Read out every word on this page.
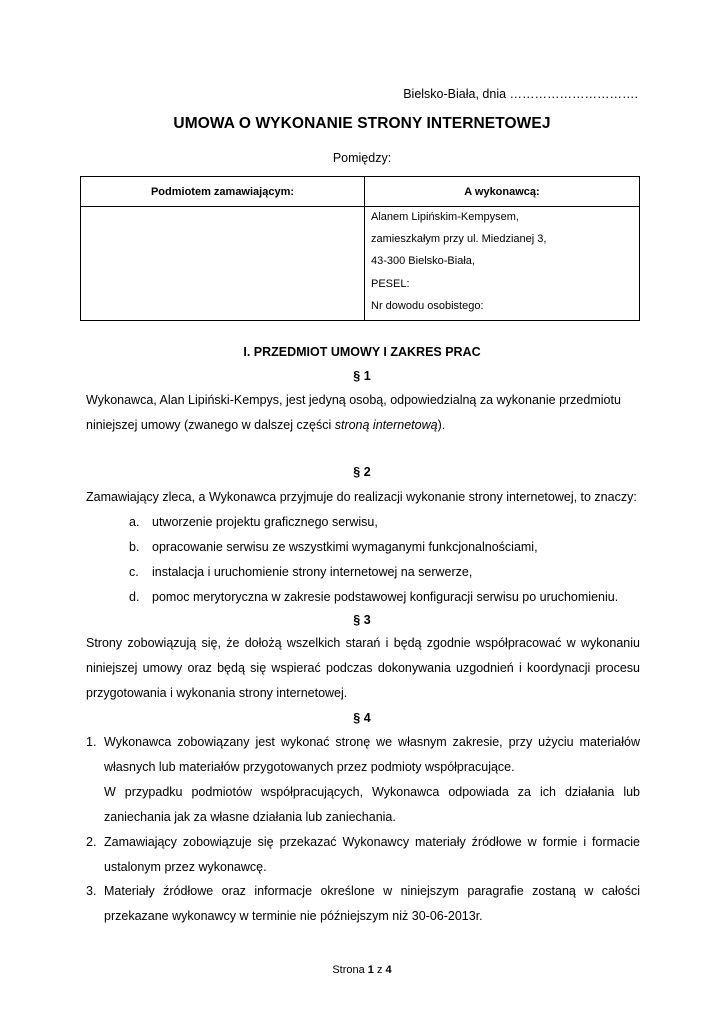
Bielsko-Biała, dnia ………………………….
UMOWA O WYKONANIE STRONY INTERNETOWEJ
Pomiędzy:
Podmiotem zamawiającym:	A wykonawcą:

	Alanem Lipińskim-Kempysem,
zamieszkałym przy ul. Miedzianej 3,
43-300 Bielsko-Biała,
PESEL:
Nr dowodu osobistego:
I. PRZEDMIOT UMOWY I ZAKRES PRAC
§ 1
Wykonawca, Alan Lipiński-Kempys, jest jedyną osobą, odpowiedzialną za wykonanie przedmiotu
niniejszej umowy (zwanego w dalszej części stroną internetową).
§ 2
Zamawiający zleca, a Wykonawca przyjmuje do realizacji wykonanie strony internetowej, to znaczy:
a. utworzenie projektu graficznego serwisu,
b. opracowanie serwisu ze wszystkimi wymaganymi funkcjonalnościami,
c. instalacja i uruchomienie strony internetowej na serwerze,
d. pomoc merytoryczna w zakresie podstawowej konfiguracji serwisu po uruchomieniu.
§ 3
Strony zobowiązują się, że dołożą wszelkich starań i będą zgodnie współpracować w wykonaniu
niniejszej umowy oraz będą się wspierać podczas dokonywania uzgodnień i koordynacji procesu
przygotowania i wykonania strony internetowej.
§ 4
1. Wykonawca zobowiązany jest wykonać stronę we własnym zakresie, przy użyciu materiałów
własnych lub materiałów przygotowanych przez podmioty współpracujące.
W przypadku podmiotów współpracujących, Wykonawca odpowiada za ich działania lub
zaniechania jak za własne działania lub zaniechania.
2. Zamawiający zobowiązuje się przekazać Wykonawcy materiały źródłowe w formie i formacie
ustalonym przez wykonawcę.
3. Materiały źródłowe oraz informacje określone w niniejszym paragrafie zostaną w całości
przekazane wykonawcy w terminie nie późniejszym niż 30-06-2013r.
Strona 1 z 4
